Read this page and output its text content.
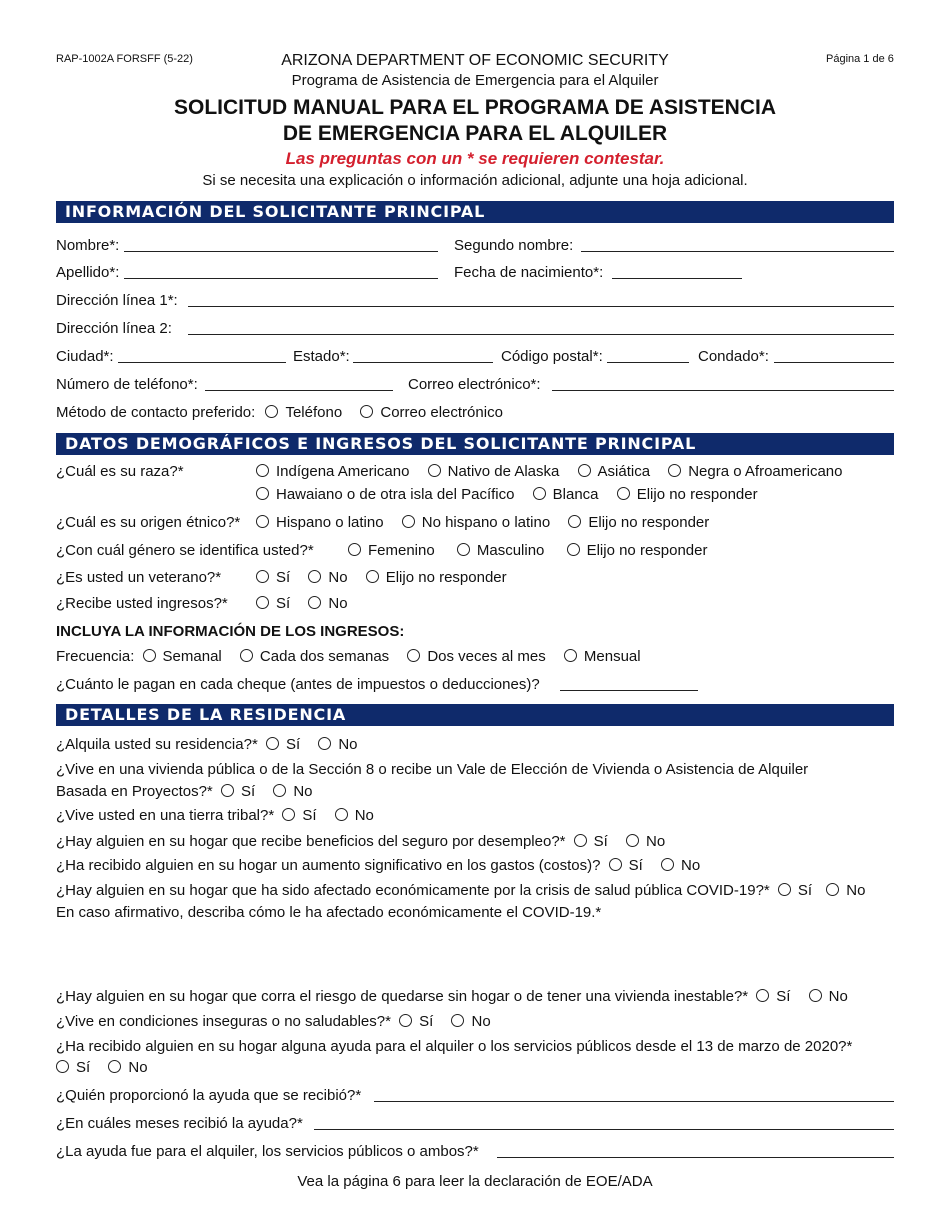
RAP-1002A FORSFF (5-22)	Página 1 de 6
ARIZONA DEPARTMENT OF ECONOMIC SECURITY
Programa de Asistencia de Emergencia para el Alquiler
SOLICITUD MANUAL PARA EL PROGRAMA DE ASISTENCIA
DE EMERGENCIA PARA EL ALQUILER
Las preguntas con un * se requieren contestar.
Si se necesita una explicación o información adicional, adjunte una hoja adicional.
INFORMACIÓN DEL SOLICITANTE PRINCIPAL
Nombre*:	Segundo nombre:
Apellido*:	Fecha de nacimiento*:
Dirección línea 1*:
Dirección línea 2:
Ciudad*:	Estado*:	Código postal*:	Condado*:
Número de teléfono*:	Correo electrónico*:
Método de contacto preferido: Teléfono	Correo electrónico
DATOS DEMOGRÁFICOS E INGRESOS DEL SOLICITANTE PRINCIPAL
¿Cuál es su raza?*	Indígena Americano	Nativo de Alaska	Asiática	Negra o Afroamericano
Hawaiano o de otra isla del Pacífico	Blanca	Elijo no responder
¿Cuál es su origen étnico?*	Hispano o latino	No hispano o latino	Elijo no responder
¿Con cuál género se identifica usted?*	Femenino	Masculino	Elijo no responder
¿Es usted un veterano?*	Sí	No	Elijo no responder
¿Recibe usted ingresos?*	Sí	No
INCLUYA LA INFORMACIÓN DE LOS INGRESOS:
Frecuencia: Semanal	Cada dos semanas	Dos veces al mes	Mensual
¿Cuánto le pagan en cada cheque (antes de impuestos o deducciones)?
DETALLES DE LA RESIDENCIA
¿Alquila usted su residencia?* Sí	No
¿Vive en una vivienda pública o de la Sección 8 o recibe un Vale de Elección de Vivienda o Asistencia de Alquiler
Basada en Proyectos?* Sí	No
¿Vive usted en una tierra tribal?* Sí	No
¿Hay alguien en su hogar que recibe beneficios del seguro por desempleo?* Sí	No
¿Ha recibido alguien en su hogar un aumento significativo en los gastos (costos)? Sí	No
¿Hay alguien en su hogar que ha sido afectado económicamente por la crisis de salud pública COVID-19?* Sí No
En caso afirmativo, describa cómo le ha afectado económicamente el COVID-19.*
¿Hay alguien en su hogar que corra el riesgo de quedarse sin hogar o de tener una vivienda inestable?* Sí	No
¿Vive en condiciones inseguras o no saludables?* Sí	No
¿Ha recibido alguien en su hogar alguna ayuda para el alquiler o los servicios públicos desde el 13 de marzo de 2020?*
Sí	No
¿Quién proporcionó la ayuda que se recibió?*
¿En cuáles meses recibió la ayuda?*
¿La ayuda fue para el alquiler, los servicios públicos o ambos?*
Vea la página 6 para leer la declaración de EOE/ADA
